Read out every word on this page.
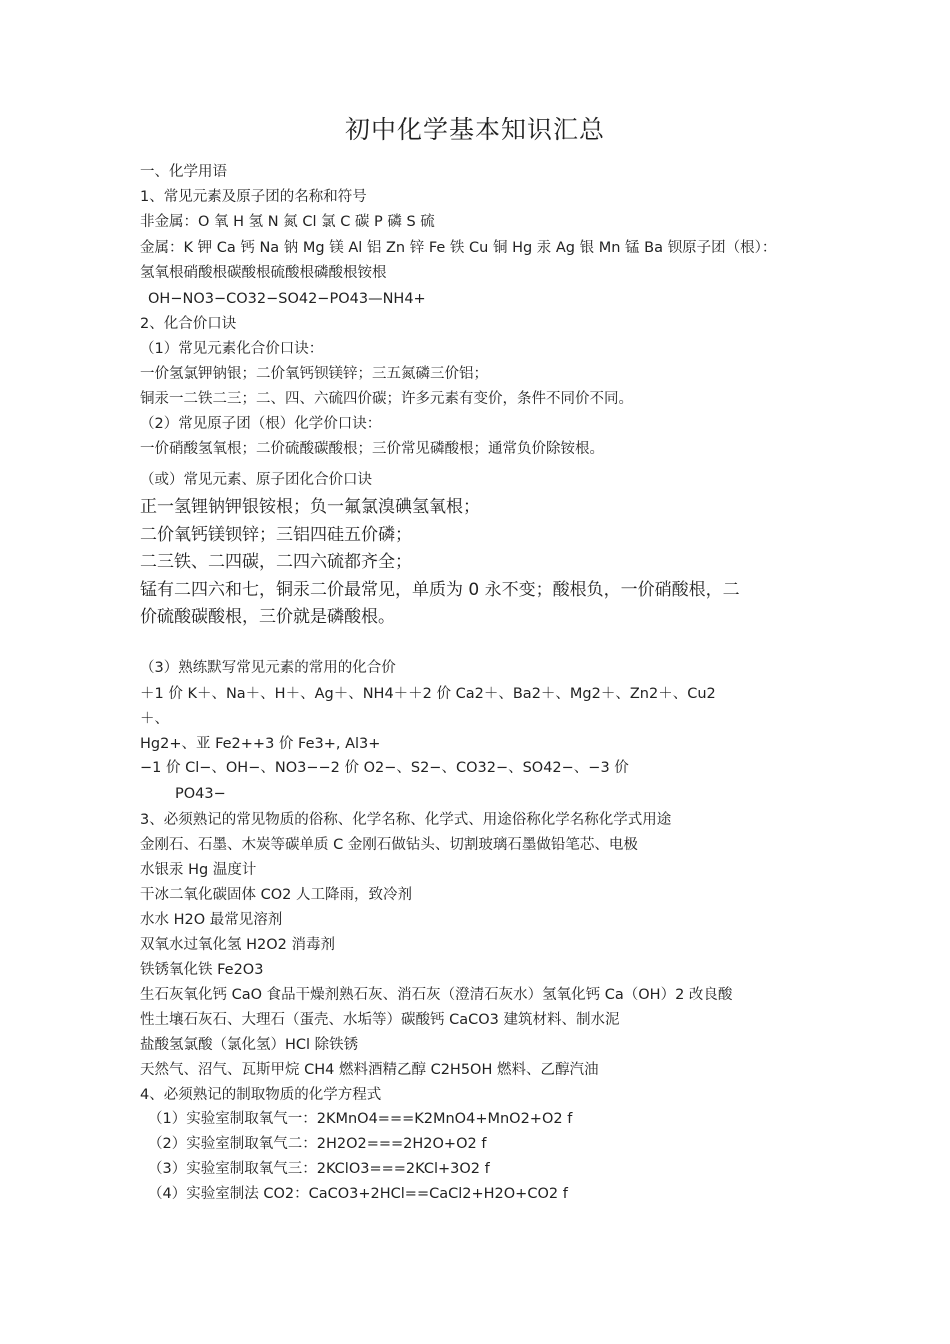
初中化学基本知识汇总
一、化学用语
1、常见元素及原子团的名称和符号
非金属：O 氧 H 氢 N 氮 Cl 氯 C 碳 P 磷 S 硫
金属：K 钾 Ca 钙 Na 钠 Mg 镁 Al 铝 Zn 锌 Fe 铁 Cu 铜 Hg 汞 Ag 银 Mn 锰 Ba 钡原子团（根）：
氢氧根硝酸根碳酸根硫酸根磷酸根铵根
OH−NO3−CO32−SO42−PO43—NH4+
2、化合价口诀
（1）常见元素化合价口诀：
一价氢氯钾钠银；二价氧钙钡镁锌；三五氮磷三价铝；
铜汞一二铁二三；二、四、六硫四价碳；许多元素有变价，条件不同价不同。
（2）常见原子团（根）化学价口诀：
一价硝酸氢氧根；二价硫酸碳酸根；三价常见磷酸根；通常负价除铵根。
（或）常见元素、原子团化合价口诀
正一氢锂钠钾银铵根；负一氟氯溴碘氢氧根；
二价氧钙镁钡锌；三铝四硅五价磷；
二三铁、二四碳，二四六硫都齐全；
锰有二四六和七，铜汞二价最常见，单质为 0 永不变；酸根负，一价硝酸根，二
价硫酸碳酸根，三价就是磷酸根。
（3）熟练默写常见元素的常用的化合价
＋1 价 K＋、Na＋、H＋、Ag＋、NH4＋＋2 价 Ca2＋、Ba2＋、Mg2＋、Zn2＋、Cu2
＋、
Hg2+、亚 Fe2++3 价 Fe3+, Al3+
−1 价 Cl−、OH−、NO3−−2 价 O2−、S2−、CO32−、SO42−、−3 价
PO43−
3、必须熟记的常见物质的俗称、化学名称、化学式、用途俗称化学名称化学式用途
金刚石、石墨、木炭等碳单质 C 金刚石做钻头、切割玻璃石墨做铅笔芯、电极
水银汞 Hg 温度计
干冰二氧化碳固体 CO2 人工降雨，致冷剂
水水 H2O 最常见溶剂
双氧水过氧化氢 H2O2 消毒剂
铁锈氧化铁 Fe2O3
生石灰氧化钙 CaO 食品干燥剂熟石灰、消石灰（澄清石灰水）氢氧化钙 Ca（OH）2 改良酸
性土壤石灰石、大理石（蛋壳、水垢等）碳酸钙 CaCO3 建筑材料、制水泥
盐酸氢氯酸（氯化氢）HCl 除铁锈
天然气、沼气、瓦斯甲烷 CH4 燃料酒精乙醇 C2H5OH 燃料、乙醇汽油
4、必须熟记的制取物质的化学方程式
（1）实验室制取氧气一：2KMnO4===K2MnO4+MnO2+O2 f
（2）实验室制取氧气二：2H2O2===2H2O+O2 f
（3）实验室制取氧气三：2KClO3===2KCl+3O2 f
（4）实验室制法 CO2：CaCO3+2HCl==CaCl2+H2O+CO2 f
